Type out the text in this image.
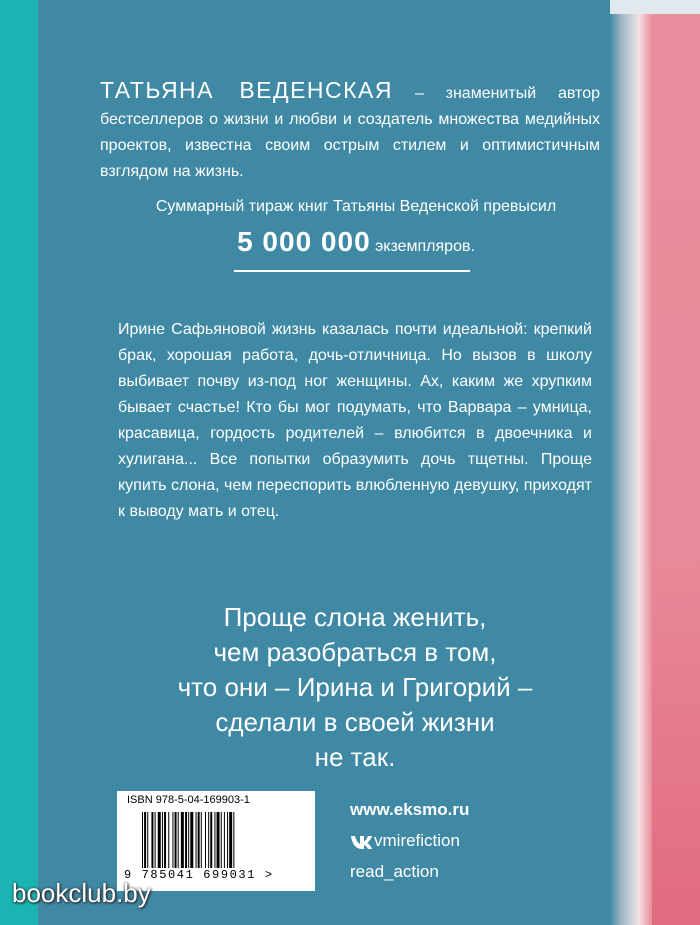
ТАТЬЯНА ВЕДЕНСКАЯ – знаменитый автор бестселлеров о жизни и любви и создатель множества медийных проектов, известна своим острым стилем и оптимистичным взглядом на жизнь.
Суммарный тираж книг Татьяны Веденской превысил
5 000 000 экземпляров.
Ирине Сафьяновой жизнь казалась почти идеальной: крепкий брак, хорошая работа, дочь-отличница. Но вызов в школу выбивает почву из-под ног женщины. Ах, каким же хрупким бывает счастье! Кто бы мог подумать, что Варвара – умница, красавица, гордость родителей – влюбится в двоечника и хулигана... Все попытки образумить дочь тщетны. Проще купить слона, чем переспорить влюбленную девушку, приходят к выводу мать и отец.
Проще слона женить,
чем разобраться в том,
что они – Ирина и Григорий –
сделали в своей жизни
не так.
ISBN 978-5-04-169903-1
9 785041 699031 >
www.eksmo.ru
vmirefiction
read_action
bookclub.by
